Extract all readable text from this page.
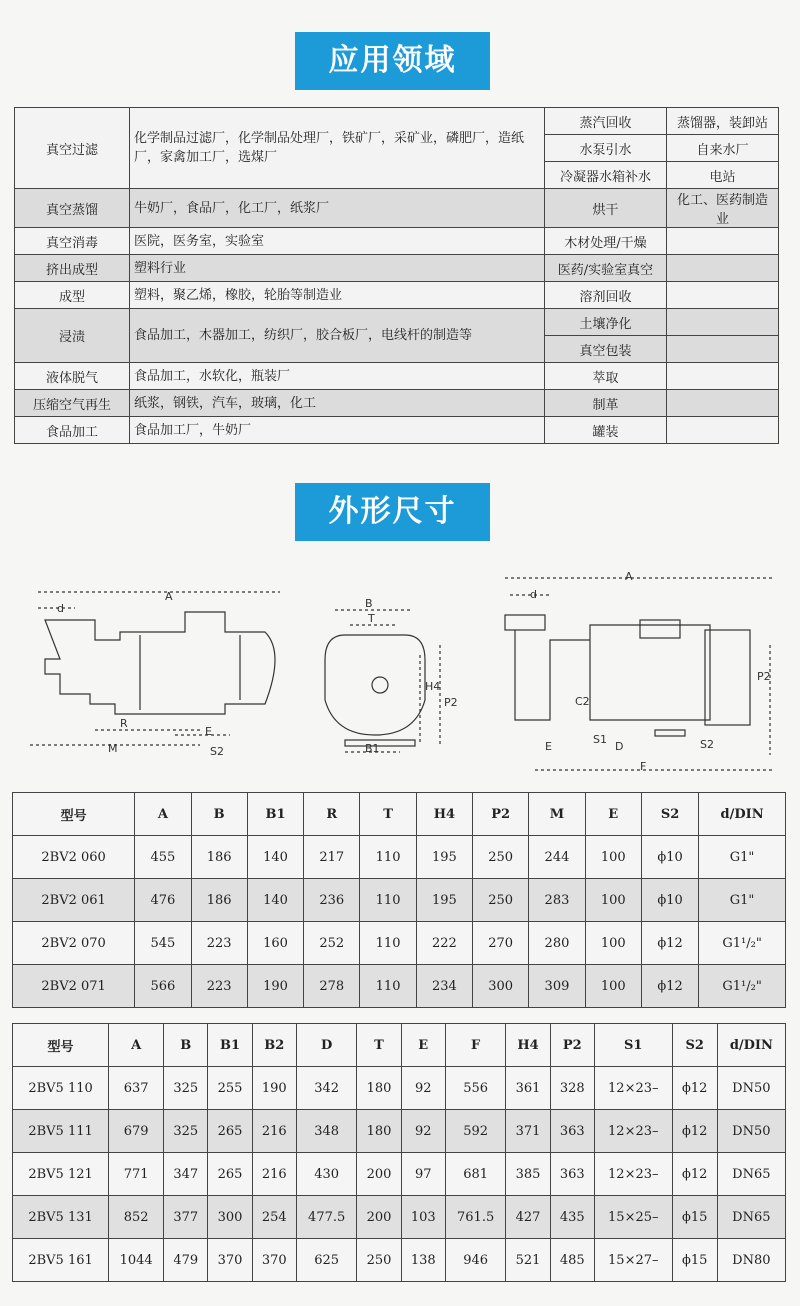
应用领域
真空过滤	化学制品过滤厂，化学制品处理厂，铁矿厂，采矿业，磷肥厂，造纸厂，家禽加工厂，选煤厂	蒸汽回收	蒸馏器，装卸站
		水泵引水	自来水厂
		冷凝器水箱补水	电站
真空蒸馏	牛奶厂，食品厂，化工厂，纸浆厂	烘干	化工、医药制造业
真空消毒	医院，医务室，实验室	木材处理/干燥	
挤出成型	塑料行业	医药/实验室真空	
成型	塑料，聚乙烯，橡胶，轮胎等制造业	溶剂回收	
浸渍	食品加工，木器加工，纺织厂，胶合板厂，电线杆的制造等	土壤净化	
		真空包装	
液体脱气	食品加工，水软化，瓶装厂	萃取	
压缩空气再生	纸浆，钢铁，汽车，玻璃，化工	制革	
食品加工	食品加工厂，牛奶厂	罐装	
外形尺寸
A
d
R
M
E
S2
B
T
B1
H4
P2
A
d
C2
S1
E	D	S2
F
P2
型号	A	B	B1	R	T	H4	P2	M	E	S2	d/DIN
2BV2 060	455	186	140	217	110	195	250	244	100	ϕ10	G1"
2BV2 061	476	186	140	236	110	195	250	283	100	ϕ10	G1"
2BV2 070	545	223	160	252	110	222	270	280	100	ϕ12	G1¹/₂"
2BV2 071	566	223	190	278	110	234	300	309	100	ϕ12	G1¹/₂"
型号	A	B	B1	B2	D	T	E	F	H4	P2	S1	S2	d/DIN
2BV5 110	637	325	255	190	342	180	92	556	361	328	12×23–	ϕ12	DN50
2BV5 111	679	325	265	216	348	180	92	592	371	363	12×23–	ϕ12	DN50
2BV5 121	771	347	265	216	430	200	97	681	385	363	12×23–	ϕ12	DN65
2BV5 131	852	377	300	254	477.5	200	103	761.5	427	435	15×25–	ϕ15	DN65
2BV5 161	1044	479	370	370	625	250	138	946	521	485	15×27–	ϕ15	DN80
